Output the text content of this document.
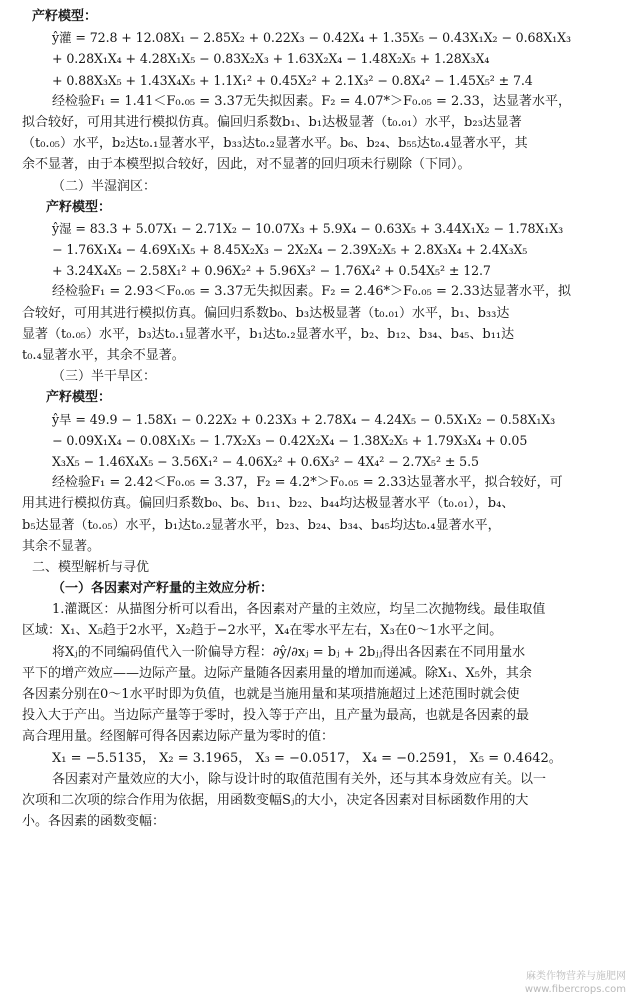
产籽模型：
ŷ灌 = 72.8 + 12.08X₁ − 2.85X₂ + 0.22X₃ − 0.42X₄ + 1.35X₅ − 0.43X₁X₂ − 0.68X₁X₃
+ 0.28X₁X₄ + 4.28X₁X₅ − 0.83X₂X₃ + 1.63X₂X₄ − 1.48X₂X₅ + 1.28X₃X₄
+ 0.88X₃X₅ + 1.43X₄X₅ + 1.1X₁² + 0.45X₂² + 2.1X₃² − 0.8X₄² − 1.45X₅² ± 7.4
经检验F₁ = 1.41＜F₀.₀₅ = 3.37无失拟因素。F₂ = 4.07*＞F₀.₀₅ = 2.33，达显著水平，
拟合较好，可用其进行模拟仿真。偏回归系数b₁、b₁达极显著（t₀.₀₁）水平，b₂₃达显著
（t₀.₀₅）水平，b₂达t₀.₁显著水平，b₃₃达t₀.₂显著水平。b₆、b₂₄、b₅₅达t₀.₄显著水平，其
余不显著，由于本模型拟合较好，因此，对不显著的回归项未行剔除（下同）。
（二）半湿润区：
产籽模型：
ŷ湿 = 83.3 + 5.07X₁ − 2.71X₂ − 10.07X₃ + 5.9X₄ − 0.63X₅ + 3.44X₁X₂ − 1.78X₁X₃
− 1.76X₁X₄ − 4.69X₁X₅ + 8.45X₂X₃ − 2X₂X₄ − 2.39X₂X₅ + 2.8X₃X₄ + 2.4X₃X₅
+ 3.24X₄X₅ − 2.58X₁² + 0.96X₂² + 5.96X₃² − 1.76X₄² + 0.54X₅² ± 12.7
经检验F₁ = 2.93＜F₀.₀₅ = 3.37无失拟因素。F₂ = 2.46*＞F₀.₀₅ = 2.33达显著水平，拟
合较好，可用其进行模拟仿真。偏回归系数b₀、b₃达极显著（t₀.₀₁）水平，b₁、b₃₃达
显著（t₀.₀₅）水平，b₃达t₀.₁显著水平，b₁达t₀.₂显著水平，b₂、b₁₂、b₃₄、b₄₅、b₁₁达
t₀.₄显著水平，其余不显著。
（三）半干旱区：
产籽模型：
ŷ旱 = 49.9 − 1.58X₁ − 0.22X₂ + 0.23X₃ + 2.78X₄ − 4.24X₅ − 0.5X₁X₂ − 0.58X₁X₃
− 0.09X₁X₄ − 0.08X₁X₅ − 1.7X₂X₃ − 0.42X₂X₄ − 1.38X₂X₅ + 1.79X₃X₄ + 0.05
X₃X₅ − 1.46X₄X₅ − 3.56X₁² − 4.06X₂² + 0.6X₃² − 4X₄² − 2.7X₅² ± 5.5
经检验F₁ = 2.42＜F₀.₀₅ = 3.37，F₂ = 4.2*＞F₀.₀₅ = 2.33达显著水平，拟合较好，可
用其进行模拟仿真。偏回归系数b₀、b₆、b₁₁、b₂₂、b₄₄均达极显著水平（t₀.₀₁），b₄、
b₅达显著（t₀.₀₅）水平，b₁达t₀.₂显著水平，b₂₃、b₂₄、b₃₄、b₄₅均达t₀.₄显著水平，
其余不显著。
二、模型解析与寻优
（一）各因素对产籽量的主效应分析：
1.灌溉区：从描图分析可以看出，各因素对产量的主效应，均呈二次抛物线。最佳取值
区域：X₁、X₅趋于2水平，X₂趋于−2水平，X₄在零水平左右，X₃在0～1水平之间。
将Xⱼ的不同编码值代入一阶偏导方程：∂ŷ/∂xⱼ = bⱼ + 2bⱼⱼ得出各因素在不同用量水
平下的增产效应——边际产量。边际产量随各因素用量的增加而递减。除X₁、X₅外，其余
各因素分别在0～1水平时即为负值，也就是当施用量和某项措施超过上述范围时就会使
投入大于产出。当边际产量等于零时，投入等于产出，且产量为最高，也就是各因素的最
高合理用量。经图解可得各因素边际产量为零时的值：
X₁ = −5.5135， X₂ = 3.1965， X₃ = −0.0517， X₄ = −0.2591， X₅ = 0.4642。
各因素对产量效应的大小，除与设计时的取值范围有关外，还与其本身效应有关。以一
次项和二次项的综合作用为依据，用函数变幅Sⱼ的大小，决定各因素对目标函数作用的大
小。各因素的函数变幅：
麻类作物营养与施肥网
www.fibercrops.com
